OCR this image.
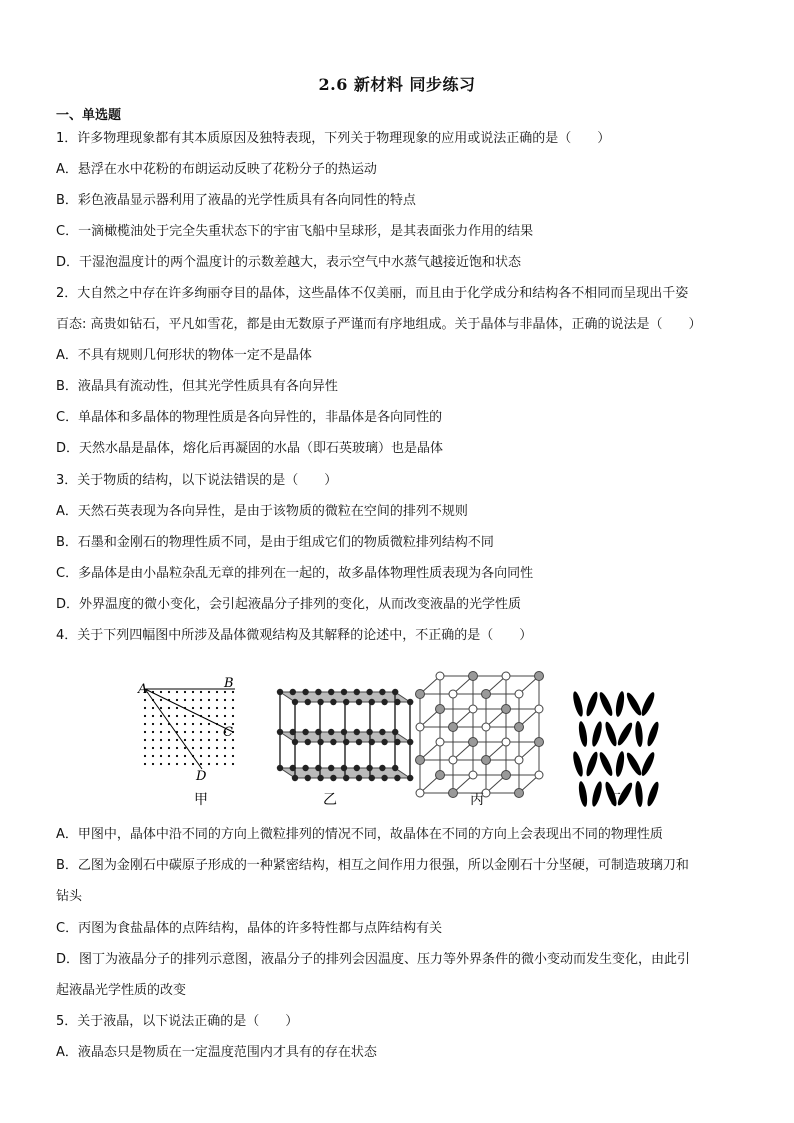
2.6 新材料 同步练习
一、单选题
1．许多物理现象都有其本质原因及独特表现，下列关于物理现象的应用或说法正确的是（　　）
A．悬浮在水中花粉的布朗运动反映了花粉分子的热运动
B．彩色液晶显示器利用了液晶的光学性质具有各向同性的特点
C．一滴橄榄油处于完全失重状态下的宇宙飞船中呈球形，是其表面张力作用的结果
D．干湿泡温度计的两个温度计的示数差越大，表示空气中水蒸气越接近饱和状态
2．大自然之中存在许多绚丽夺目的晶体，这些晶体不仅美丽，而且由于化学成分和结构各不相同而呈现出千姿
百态: 高贵如钻石，平凡如雪花，都是由无数原子严谨而有序地组成。关于晶体与非晶体，正确的说法是（　　）
A．不具有规则几何形状的物体一定不是晶体
B．液晶具有流动性，但其光学性质具有各向异性
C．单晶体和多晶体的物理性质是各向异性的，非晶体是各向同性的
D．天然水晶是晶体，熔化后再凝固的水晶（即石英玻璃）也是晶体
3．关于物质的结构，以下说法错误的是（　　）
A．天然石英表现为各向异性，是由于该物质的微粒在空间的排列不规则
B．石墨和金刚石的物理性质不同，是由于组成它们的物质微粒排列结构不同
C．多晶体是由小晶粒杂乱无章的排列在一起的，故多晶体物理性质表现为各向同性
D．外界温度的微小变化，会引起液晶分子排列的变化，从而改变液晶的光学性质
4．关于下列四幅图中所涉及晶体微观结构及其解释的论述中，不正确的是（　　）
A	B
C
D
甲	乙	丙	丁
A．甲图中，晶体中沿不同的方向上微粒排列的情况不同，故晶体在不同的方向上会表现出不同的物理性质
B．乙图为金刚石中碳原子形成的一种紧密结构，相互之间作用力很强，所以金刚石十分坚硬，可制造玻璃刀和
钻头
C．丙图为食盐晶体的点阵结构，晶体的许多特性都与点阵结构有关
D．图丁为液晶分子的排列示意图，液晶分子的排列会因温度、压力等外界条件的微小变动而发生变化，由此引
起液晶光学性质的改变
5．关于液晶，以下说法正确的是（　　）
A．液晶态只是物质在一定温度范围内才具有的存在状态
